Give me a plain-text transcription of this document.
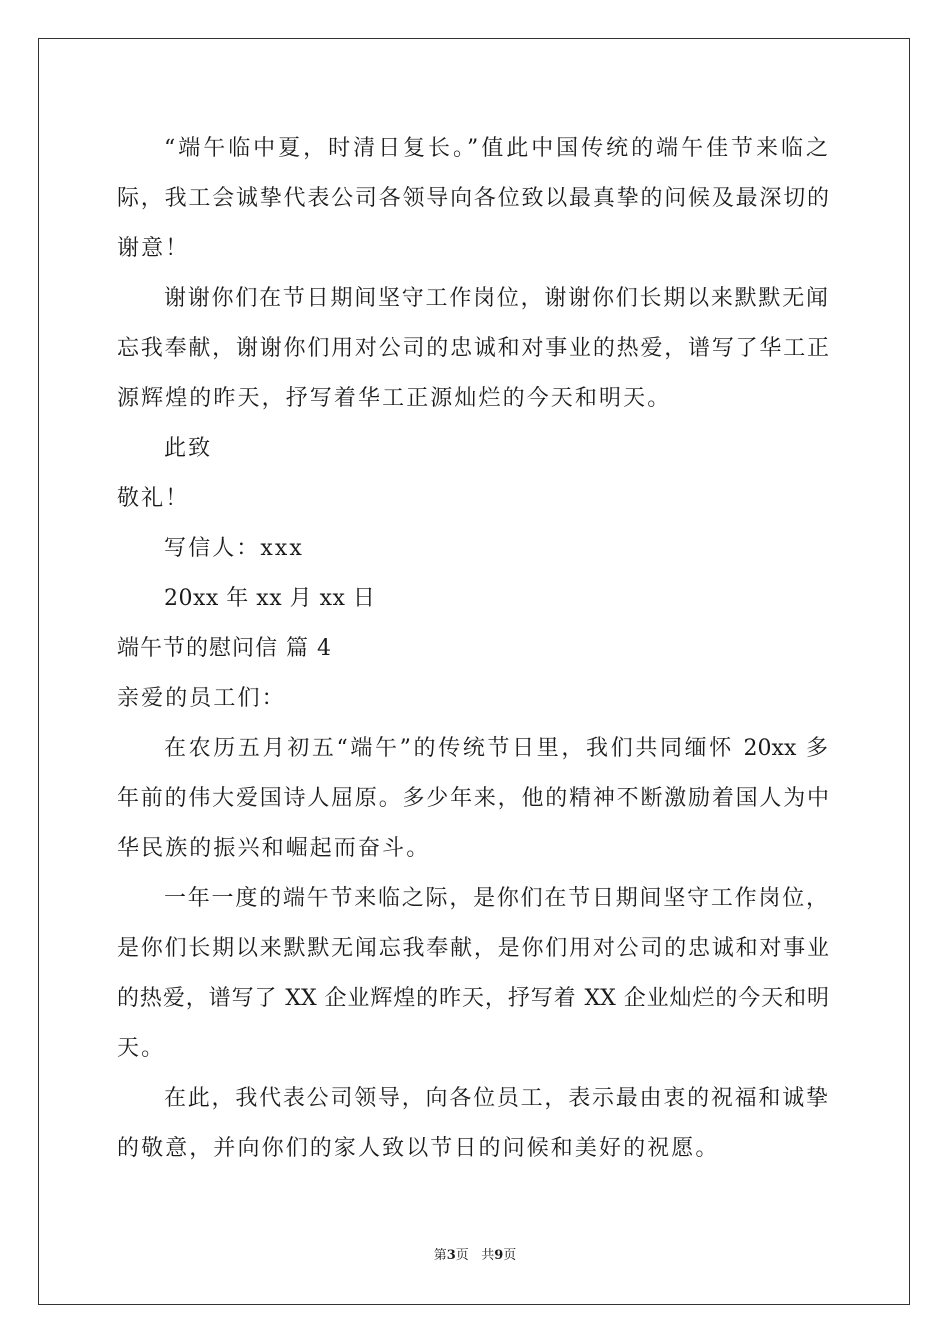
“端午临中夏，时清日复长。”值此中国传统的端午佳节来临之
际，我工会诚挚代表公司各领导向各位致以最真挚的问候及最深切的
谢意！
谢谢你们在节日期间坚守工作岗位，谢谢你们长期以来默默无闻
忘我奉献，谢谢你们用对公司的忠诚和对事业的热爱，谱写了华工正
源辉煌的昨天，抒写着华工正源灿烂的今天和明天。
此致
敬礼！
写信人：xxx
20xx 年 xx 月 xx 日
端午节的慰问信 篇 4
亲爱的员工们：
在农历五月初五“端午”的传统节日里，我们共同缅怀 20xx 多
年前的伟大爱国诗人屈原。多少年来，他的精神不断激励着国人为中
华民族的振兴和崛起而奋斗。
一年一度的端午节来临之际，是你们在节日期间坚守工作岗位，
是你们长期以来默默无闻忘我奉献，是你们用对公司的忠诚和对事业
的热爱，谱写了 XX 企业辉煌的昨天，抒写着 XX 企业灿烂的今天和明
天。
在此，我代表公司领导，向各位员工，表示最由衷的祝福和诚挚
的敬意，并向你们的家人致以节日的问候和美好的祝愿。
第3页   共9页
